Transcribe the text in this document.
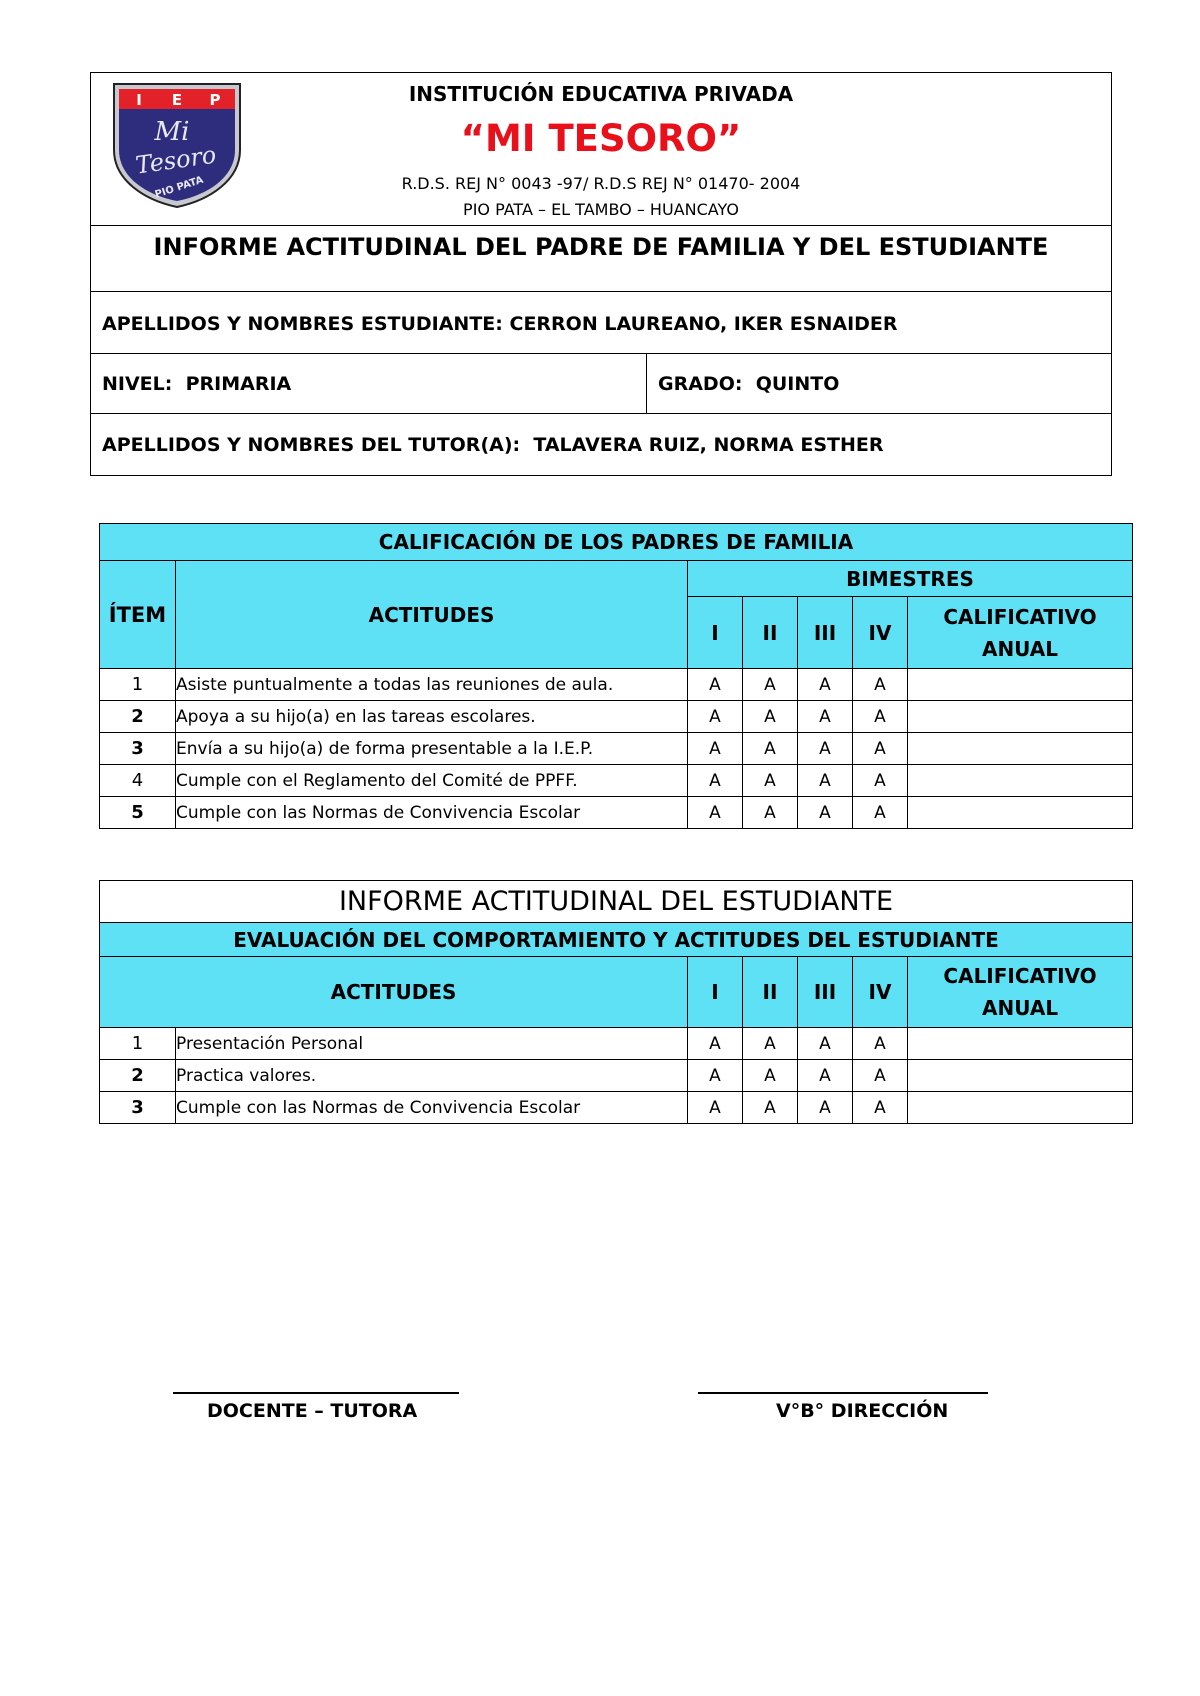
I E P
Mi
Tesoro
PIO PATA
INSTITUCIÓN EDUCATIVA PRIVADA
“MI TESORO”
R.D.S. REJ N° 0043 -97/ R.D.S REJ N° 01470- 2004
PIO PATA – EL TAMBO – HUANCAYO
INFORME ACTITUDINAL DEL PADRE DE FAMILIA Y DEL ESTUDIANTE
APELLIDOS Y NOMBRES ESTUDIANTE: CERRON LAUREANO, IKER ESNAIDER
NIVEL: PRIMARIA	GRADO: QUINTO
APELLIDOS Y NOMBRES DEL TUTOR(A): TALAVERA RUIZ, NORMA ESTHER
CALIFICACIÓN DE LOS PADRES DE FAMILIA						
ÍTEM	ACTITUDES	BIMESTRES				
		I	II	III	IV	CALIFICATIVO ANUAL
1	Asiste puntualmente a todas las reuniones de aula.	A	A	A	A	
2	Apoya a su hijo(a) en las tareas escolares.	A	A	A	A	
3	Envía a su hijo(a) de forma presentable a la I.E.P.	A	A	A	A	
4	Cumple con el Reglamento del Comité de PPFF.	A	A	A	A	
5	Cumple con las Normas de Convivencia Escolar	A	A	A	A	
INFORME ACTITUDINAL DEL ESTUDIANTE						
EVALUACIÓN DEL COMPORTAMIENTO Y ACTITUDES DEL ESTUDIANTE						
ACTITUDES		I	II	III	IV	CALIFICATIVO ANUAL
1	Presentación Personal	A	A	A	A	
2	Practica valores.	A	A	A	A	
3	Cumple con las Normas de Convivencia Escolar	A	A	A	A	
DOCENTE – TUTORA	V°B° DIRECCIÓN
